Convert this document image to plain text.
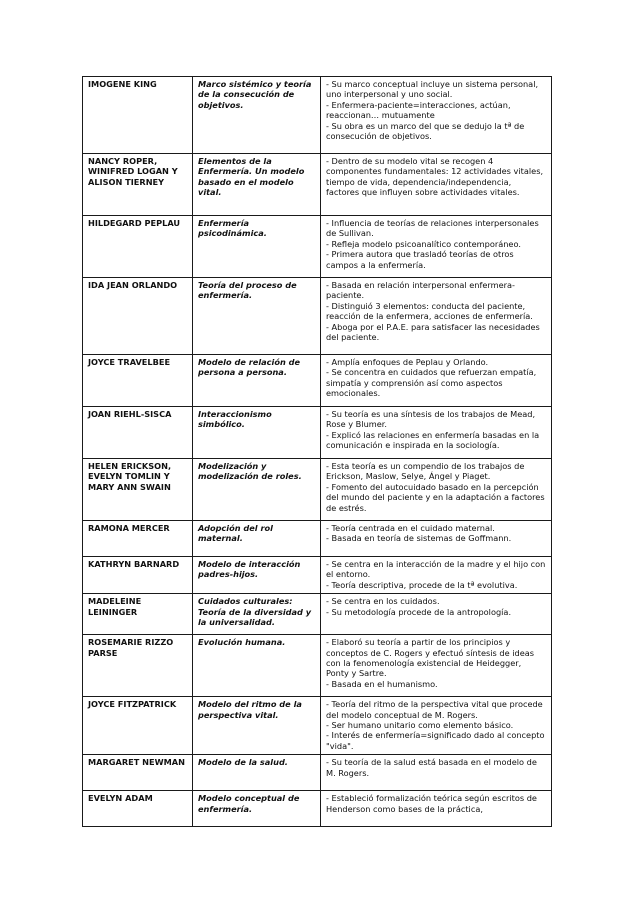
IMOGENE KING	Marco sistémico y teoría de la consecución de objetivos.	- Su marco conceptual incluye un sistema personal, uno interpersonal y uno social.
- Enfermera-paciente=interacciones, actúan, reaccionan… mutuamente
- Su obra es un marco del que se dedujo la tª de consecución de objetivos.

NANCY ROPER, WINIFRED LOGAN Y ALISON TIERNEY	Elementos de la Enfermería. Un modelo basado en el modelo vital.	- Dentro de su modelo vital se recogen 4 componentes fundamentales: 12 actividades vitales, tiempo de vida, dependencia/independencia, factores que influyen sobre actividades vitales.

HILDEGARD PEPLAU	Enfermería psicodinámica.	- Influencia de teorías de relaciones interpersonales de Sullivan.
- Refleja modelo psicoanalítico contemporáneo.
- Primera autora que trasladó teorías de otros campos a la enfermería.

IDA JEAN ORLANDO	Teoría del proceso de enfermería.	- Basada en relación interpersonal enfermera-paciente.
- Distinguió 3 elementos: conducta del paciente, reacción de la enfermera, acciones de enfermería.
- Aboga por el P.A.E. para satisfacer las necesidades del paciente.

JOYCE TRAVELBEE	Modelo de relación de persona a persona.	- Amplía enfoques de Peplau y Orlando.
- Se concentra en cuidados que refuerzan empatía, simpatía y comprensión así como aspectos emocionales.

JOAN RIEHL-SISCA	Interaccionismo simbólico.	- Su teoría es una síntesis de los trabajos de Mead, Rose y Blumer.
- Explicó las relaciones en enfermería basadas en la comunicación e inspirada en la sociología.

HELEN ERICKSON, EVELYN TOMLIN Y MARY ANN SWAIN	Modelización y modelización de roles.	- Esta teoría es un compendio de los trabajos de Erickson, Maslow, Selye, Ángel y Piaget.
- Fomento del autocuidado basado en la percepción del mundo del paciente y en la adaptación a factores de estrés.

RAMONA MERCER	Adopción del rol maternal.	- Teoría centrada en el cuidado maternal.
- Basada en teoría de sistemas de Goffmann.

KATHRYN BARNARD	Modelo de interacción padres-hijos.	- Se centra en la interacción de la madre y el hijo con el entorno.
- Teoría descriptiva, procede de la tª evolutiva.

MADELEINE LEININGER	Cuidados culturales: Teoría de la diversidad y la universalidad.	- Se centra en los cuidados.
- Su metodología procede de la antropología.

ROSEMARIE RIZZO PARSE	Evolución humana.	- Elaboró su teoría a partir de los principios y conceptos de C. Rogers y efectuó síntesis de ideas con la fenomenología existencial de Heidegger, Ponty y Sartre.
- Basada en el humanismo.

JOYCE FITZPATRICK	Modelo del ritmo de la perspectiva vital.	- Teoría del ritmo de la perspectiva vital que procede del modelo conceptual de M. Rogers.
- Ser humano unitario como elemento básico.
- Interés de enfermería=significado dado al concepto "vida".

MARGARET NEWMAN	Modelo de la salud.	- Su teoría de la salud está basada en el modelo de M. Rogers.

EVELYN ADAM	Modelo conceptual de enfermería.	- Estableció formalización teórica según escritos de Henderson como bases de la práctica,
